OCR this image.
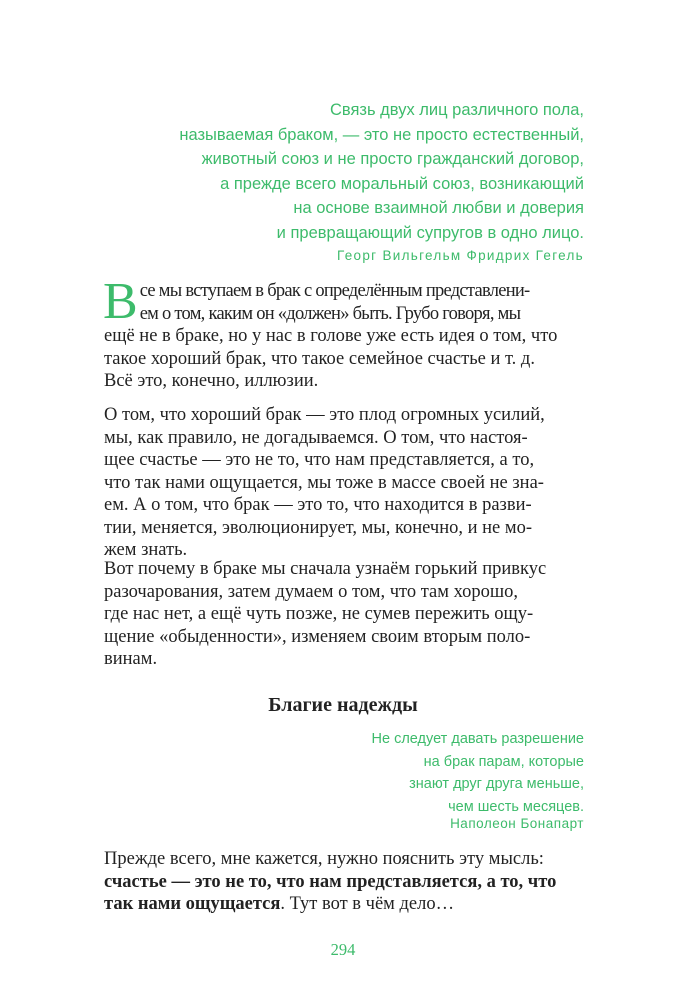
Связь двух лиц различного пола,
называемая браком, — это не просто естественный,
животный союз и не просто гражданский договор,
а прежде всего моральный союз, возникающий
на основе взаимной любви и доверия
и превращающий супругов в одно лицо.
Георг Вильгельм Фридрих Гегель
В се мы вступаем в брак с определённым представлени-
ем о том, каким он «должен» быть. Грубо говоря, мы
ещё не в браке, но у нас в голове уже есть идея о том, что
такое хороший брак, что такое семейное счастье и т. д.
Всё это, конечно, иллюзии.
О том, что хороший брак — это плод огромных усилий,
мы, как правило, не догадываемся. О том, что настоя-
щее счастье — это не то, что нам представляется, а то,
что так нами ощущается, мы тоже в массе своей не зна-
ем. А о том, что брак — это то, что находится в разви-
тии, меняется, эволюционирует, мы, конечно, и не мо-
жем знать.
Вот почему в браке мы сначала узнаём горький привкус
разочарования, затем думаем о том, что там хорошо,
где нас нет, а ещё чуть позже, не сумев пережить ощу-
щение «обыденности», изменяем своим вторым поло-
винам.
Благие надежды
Не следует давать разрешение
на брак парам, которые
знают друг друга меньше,
чем шесть месяцев.
Наполеон Бонапарт
Прежде всего, мне кажется, нужно пояснить эту мысль:
счастье — это не то, что нам представляется, а то, что
так нами ощущается. Тут вот в чём дело…
294
